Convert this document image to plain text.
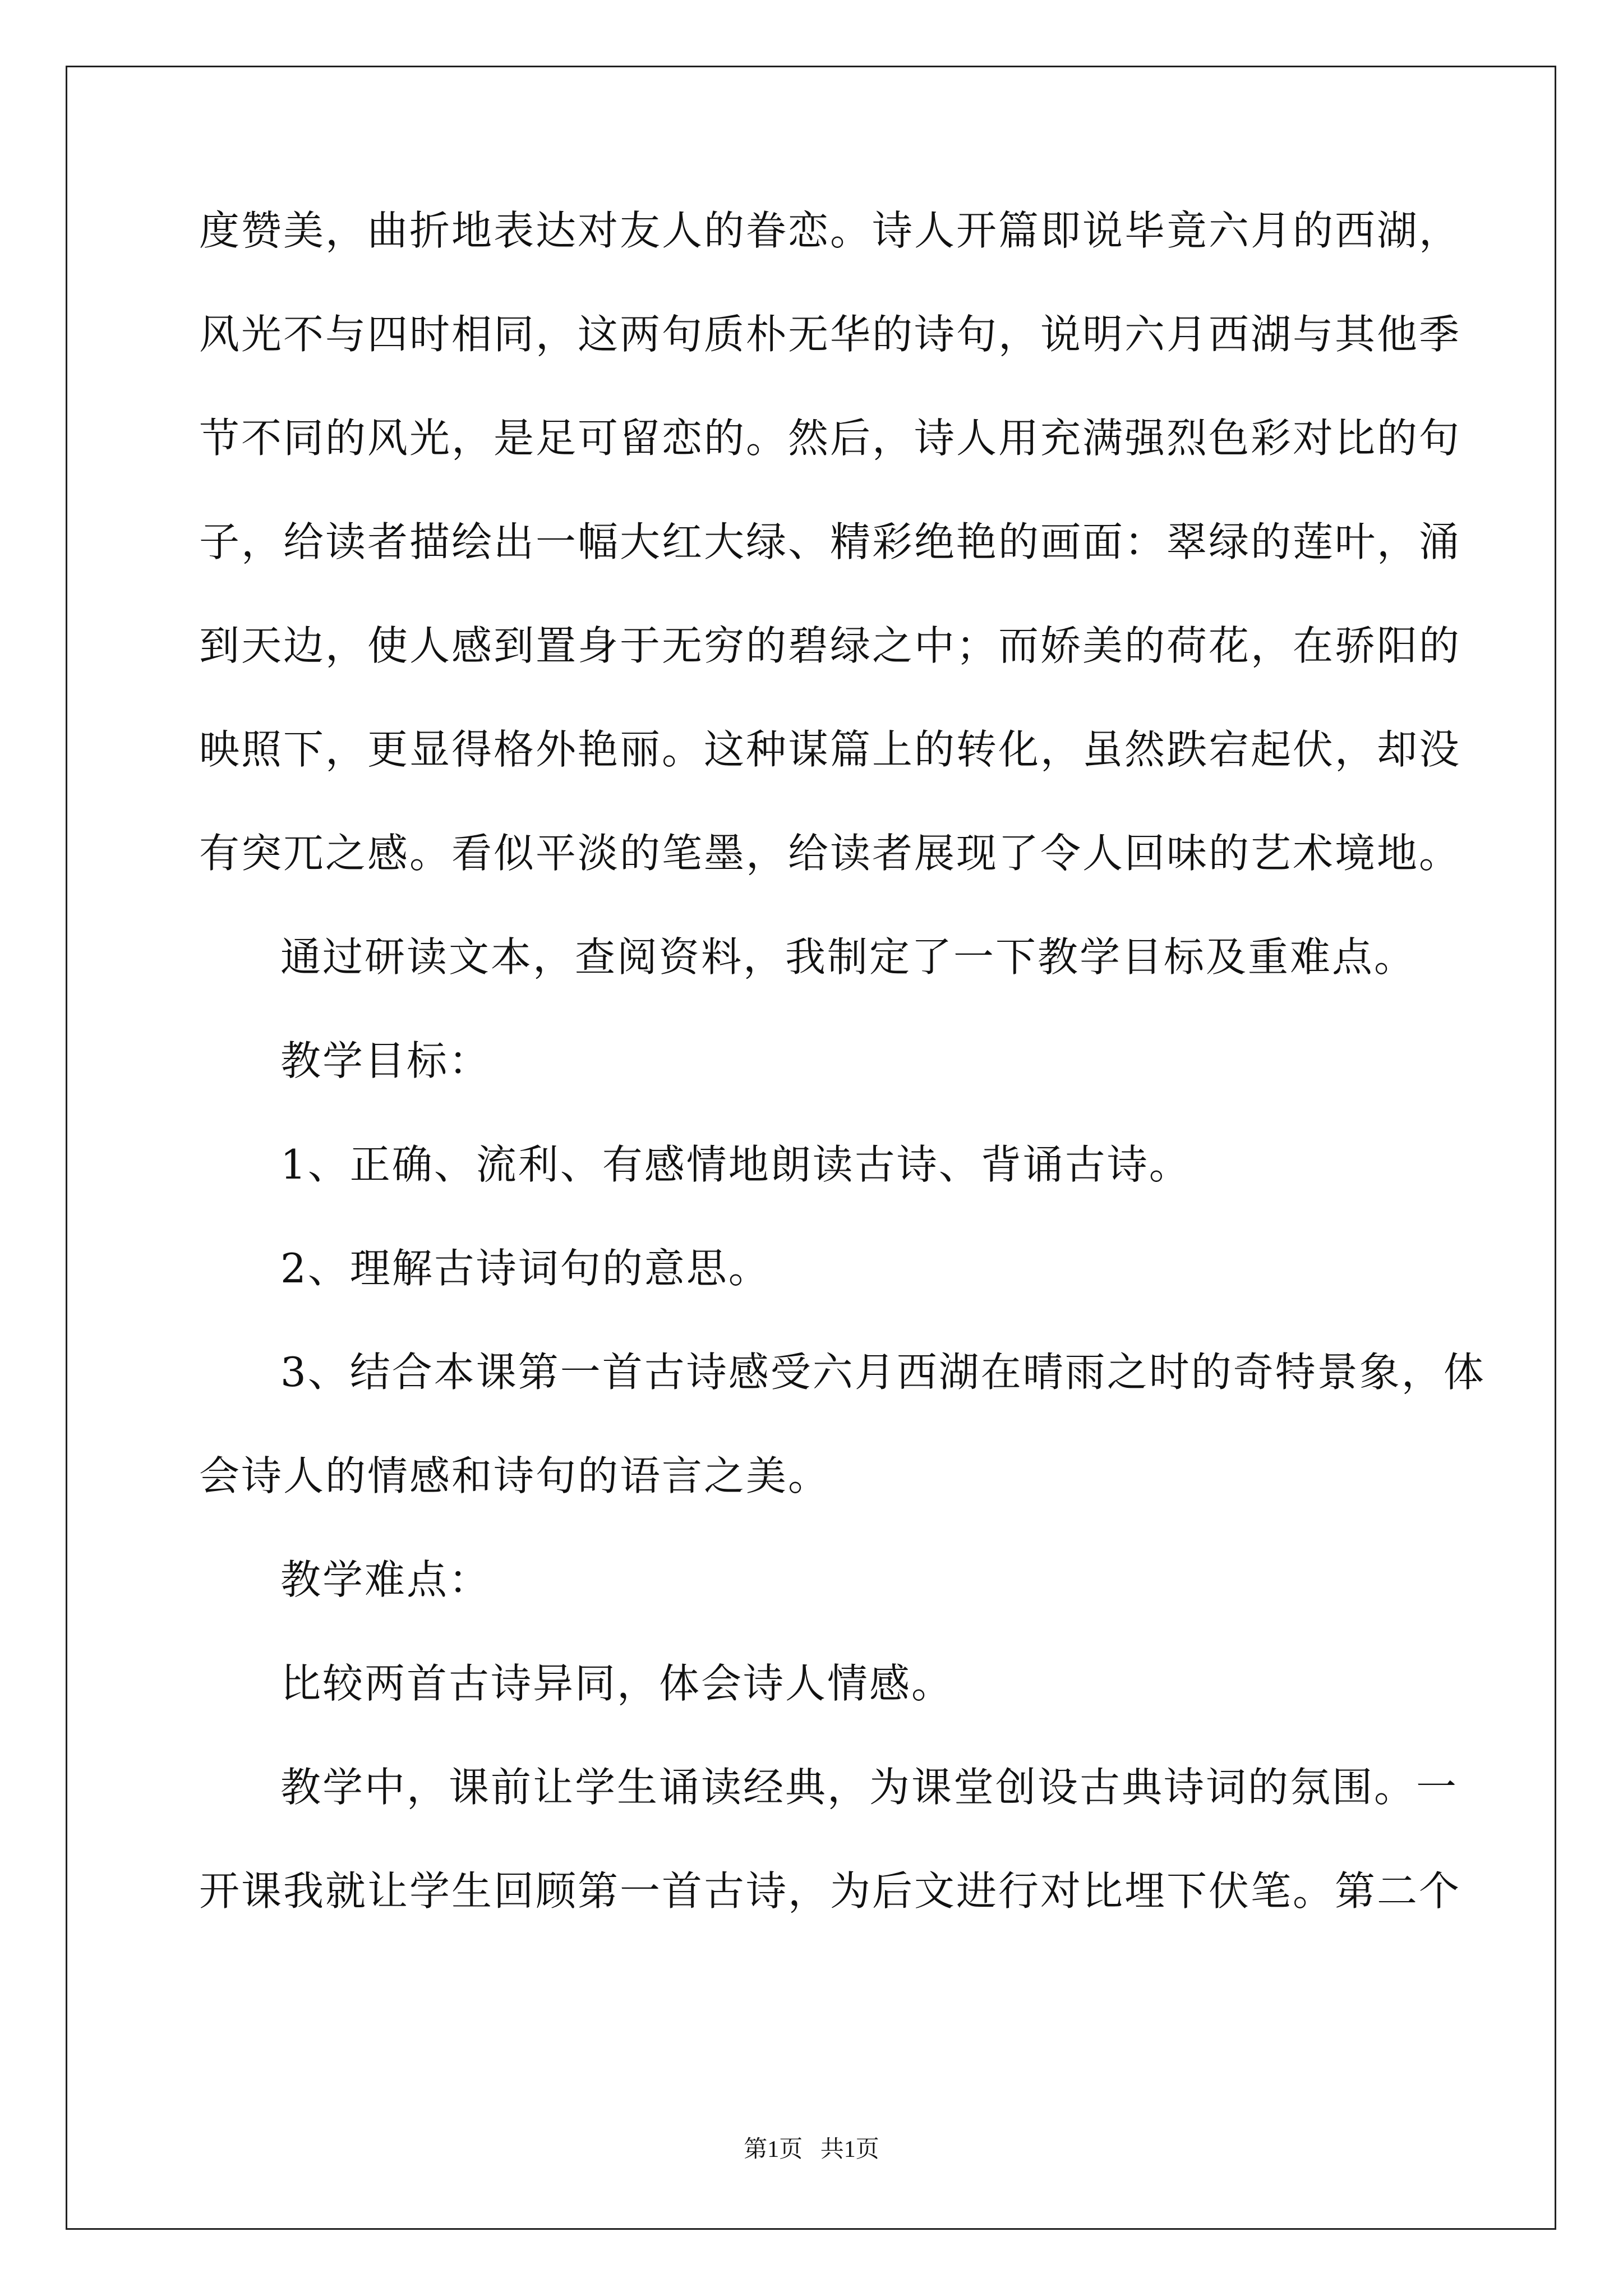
度赞美，曲折地表达对友人的眷恋。诗人开篇即说毕竟六月的西湖，
风光不与四时相同，这两句质朴无华的诗句，说明六月西湖与其他季
节不同的风光，是足可留恋的。然后，诗人用充满强烈色彩对比的句
子，给读者描绘出一幅大红大绿、精彩绝艳的画面：翠绿的莲叶，涌
到天边，使人感到置身于无穷的碧绿之中；而娇美的荷花，在骄阳的
映照下，更显得格外艳丽。这种谋篇上的转化，虽然跌宕起伏，却没
有突兀之感。看似平淡的笔墨，给读者展现了令人回味的艺术境地。
通过研读文本，查阅资料，我制定了一下教学目标及重难点。
教学目标：
1、正确、流利、有感情地朗读古诗、背诵古诗。
2、理解古诗词句的意思。
3、结合本课第一首古诗感受六月西湖在晴雨之时的奇特景象，体
会诗人的情感和诗句的语言之美。
教学难点：
比较两首古诗异同，体会诗人情感。
教学中，课前让学生诵读经典，为课堂创设古典诗词的氛围。一
开课我就让学生回顾第一首古诗，为后文进行对比埋下伏笔。第二个
第1页   共1页
